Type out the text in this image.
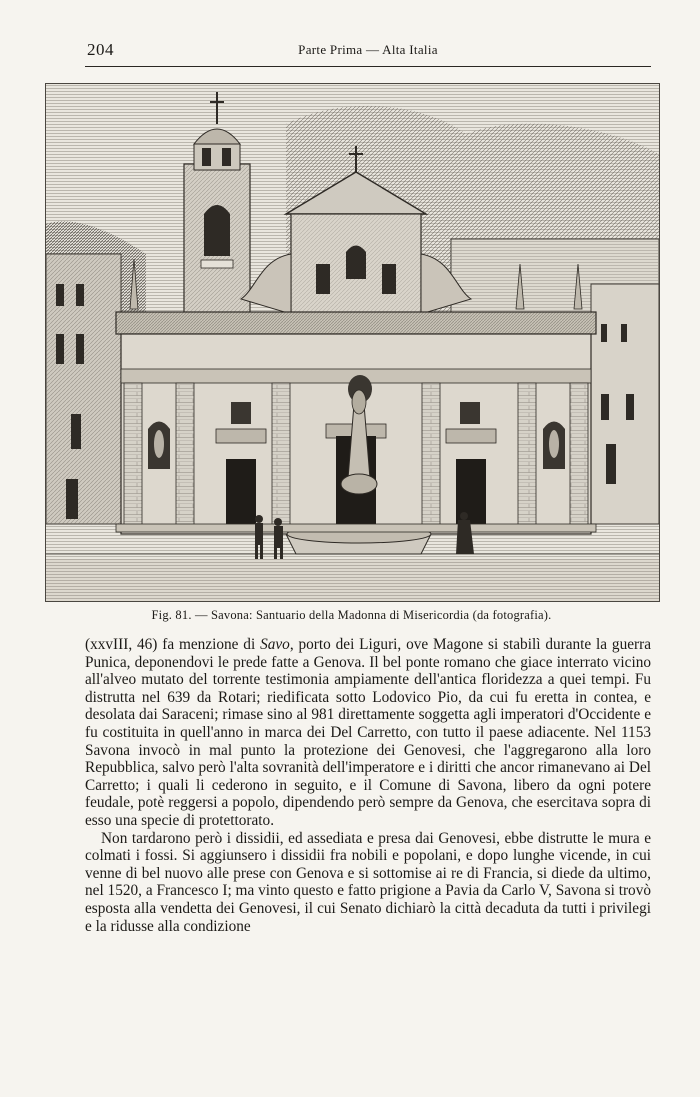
204	Parte Prima — Alta Italia
Fig. 81. — Savona: Santuario della Madonna di Misericordia (da fotografia).

(xxvIII, 46) fa menzione di Savo, porto dei Liguri, ove Magone si stabilì durante la guerra Punica, deponendovi le prede fatte a Genova. Il bel ponte romano che giace interrato vicino all'alveo mutato del torrente testimonia ampiamente dell'antica floridezza a quei tempi. Fu distrutta nel 639 da Rotari; riedificata sotto Lodovico Pio, da cui fu eretta in contea, e desolata dai Saraceni; rimase sino al 981 direttamente soggetta agli imperatori d'Occidente e fu costituita in quell'anno in marca dei Del Carretto, con tutto il paese adiacente. Nel 1153 Savona invocò in mal punto la protezione dei Genovesi, che l'aggregarono alla loro Repubblica, salvo però l'alta sovranità dell'imperatore e i diritti che ancor rimanevano ai Del Carretto; i quali li cederono in seguito, e il Comune di Savona, libero da ogni potere feudale, potè reggersi a popolo, dipendendo però sempre da Genova, che esercitava sopra di esso una specie di protettorato.

Non tardarono però i dissidii, ed assediata e presa dai Genovesi, ebbe distrutte le mura e colmati i fossi. Si aggiunsero i dissidii fra nobili e popolani, e dopo lunghe vicende, in cui venne di bel nuovo alle prese con Genova e si sottomise ai re di Francia, si diede da ultimo, nel 1520, a Francesco I; ma vinto questo e fatto prigione a Pavia da Carlo V, Savona si trovò esposta alla vendetta dei Genovesi, il cui Senato dichiarò la città decaduta da tutti i privilegi e la ridusse alla condizione
